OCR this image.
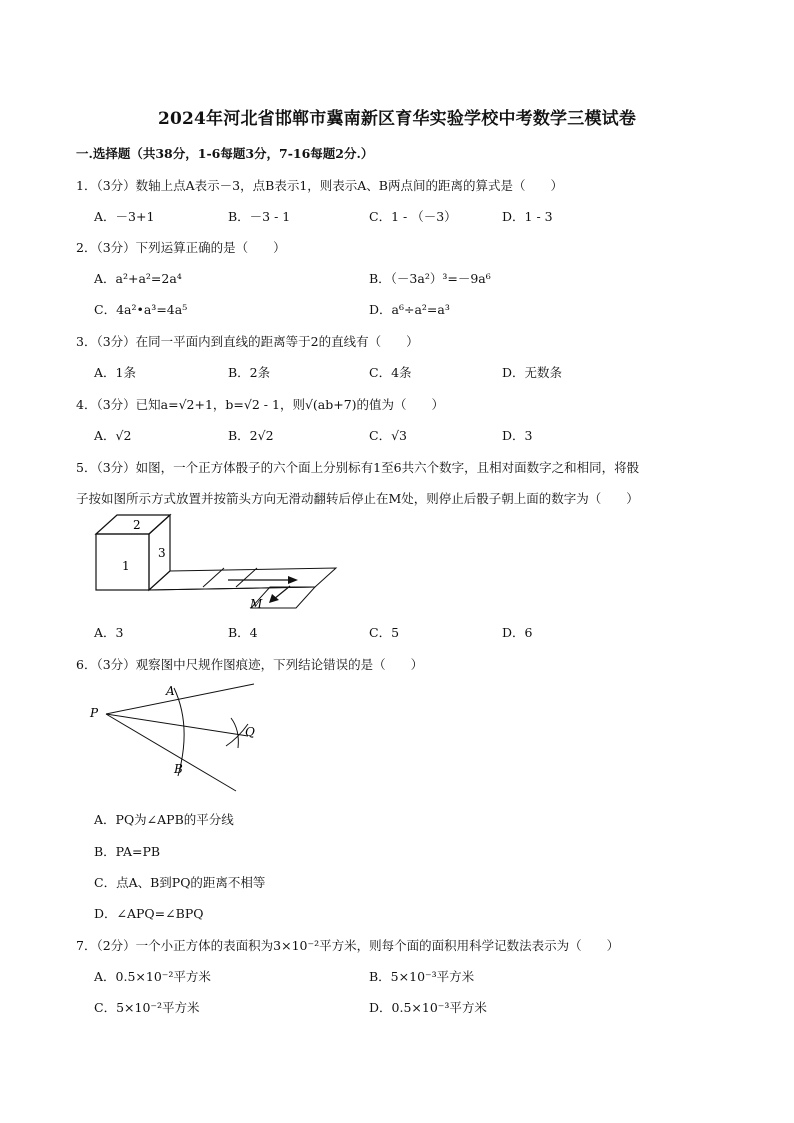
2024年河北省邯郸市冀南新区育华实验学校中考数学三模试卷
一.选择题（共38分，1-6每题3分，7-16每题2分.）
1．（3分）数轴上点A表示－3，点B表示1，则表示A、B两点间的距离的算式是（　　）
A．－3+1	B．－3 - 1	C．1 - （－3）	D．1 - 3
2．（3分）下列运算正确的是（　　）
A．a²+a²=2a⁴	B．（－3a²）³=－9a⁶
C．4a²•a³=4a⁵	D．a⁶÷a²=a³
3．（3分）在同一平面内到直线的距离等于2的直线有（　　）
A．1条	B．2条	C．4条	D．无数条
4．（3分）已知a=√2+1，b=√2 - 1，则√(ab+7)的值为（　　）
A．√2	B．2√2	C．√3	D．3
5．（3分）如图，一个正方体骰子的六个面上分别标有1至6共六个数字，且相对面数字之和相同，将骰
子按如图所示方式放置并按箭头方向无滑动翻转后停止在M处，则停止后骰子朝上面的数字为（　　）
1
2
3
M
A．3	B．4	C．5	D．6
6．（3分）观察图中尺规作图痕迹，下列结论错误的是（　　）
P
A
B
Q
A．PQ为∠APB的平分线
B．PA=PB
C．点A、B到PQ的距离不相等
D．∠APQ=∠BPQ
7．（2分）一个小正方体的表面积为3×10⁻²平方米，则每个面的面积用科学记数法表示为（　　）
A．0.5×10⁻²平方米	B．5×10⁻³平方米
C．5×10⁻²平方米	D．0.5×10⁻³平方米
